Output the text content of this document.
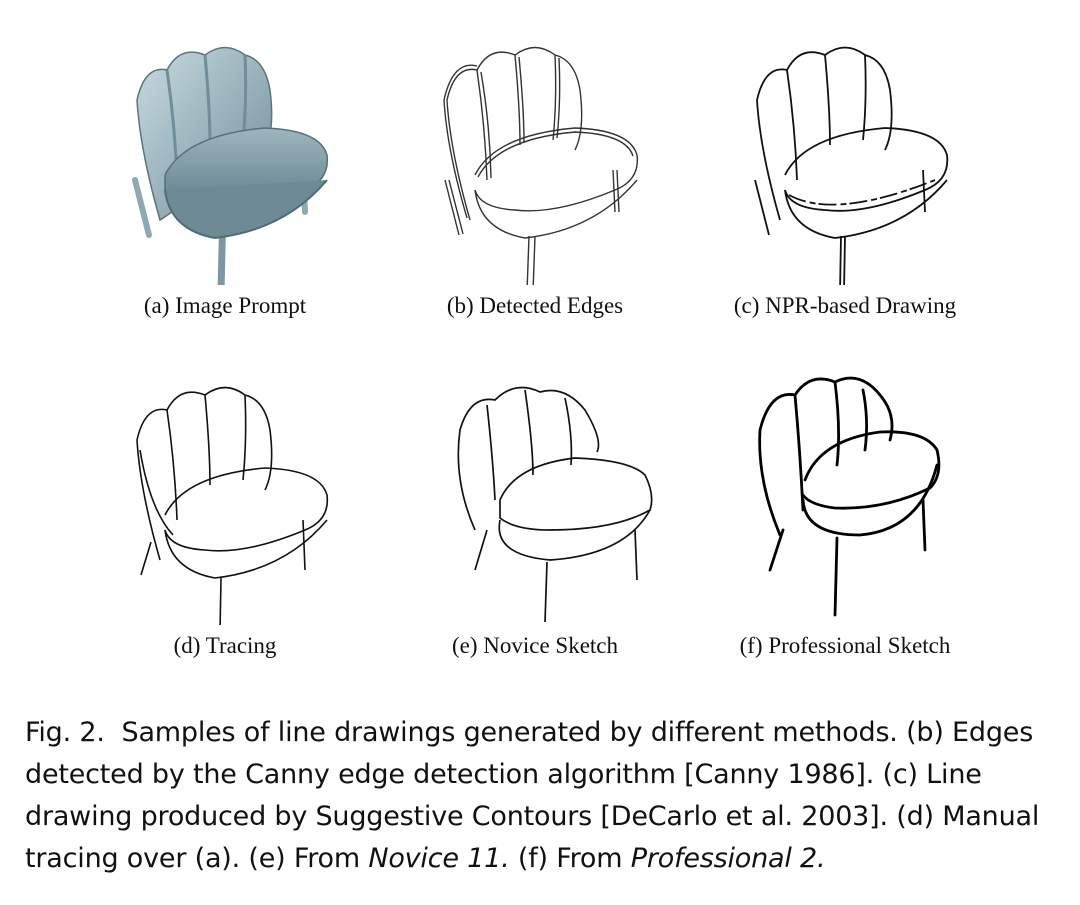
(a) Image Prompt	(b) Detected Edges	(c) NPR-based Drawing
(d) Tracing	(e) Novice Sketch	(f) Professional Sketch
Fig. 2. Samples of line drawings generated by different methods. (b) Edges detected by the Canny edge detection algorithm [Canny 1986]. (c) Line drawing produced by Suggestive Contours [DeCarlo et al. 2003]. (d) Manual tracing over (a). (e) From Novice 11. (f) From Professional 2.
